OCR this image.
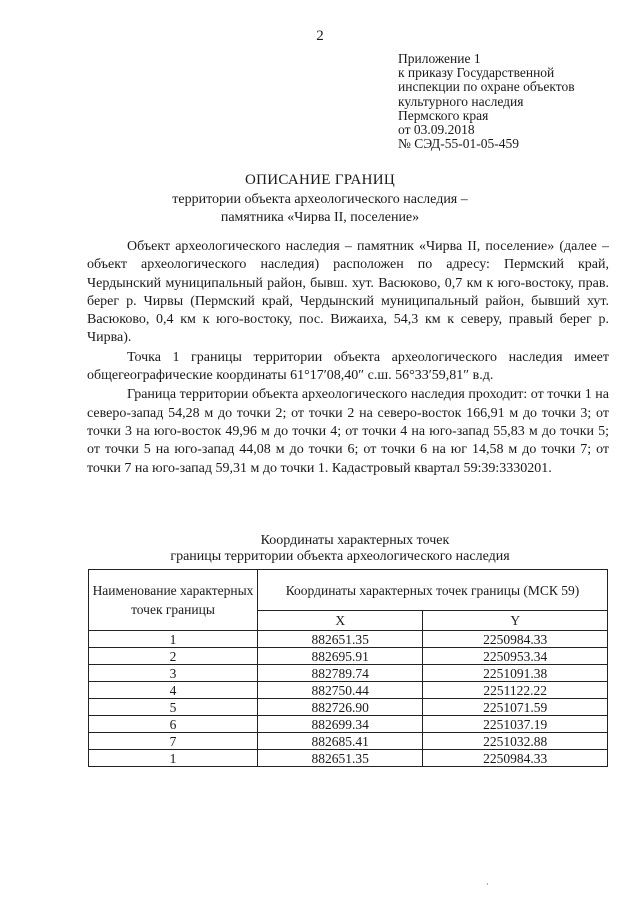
2
Приложение 1
к приказу Государственной
инспекции по охране объектов
культурного наследия
Пермского края
от 03.09.2018
№ СЭД-55-01-05-459
ОПИСАНИЕ ГРАНИЦ
территории объекта археологического наследия –
памятника «Чирва II, поселение»

Объект археологического наследия – памятник «Чирва II, поселение» (далее – объект археологического наследия) расположен по адресу: Пермский край, Чердынский муниципальный район, бывш. хут. Васюково, 0,7 км к юго-востоку, прав. берег р. Чирвы (Пермский край, Чердынский муниципальный район, бывший хут. Васюково, 0,4 км к юго-востоку, пос. Вижаиха, 54,3 км к северу, правый берег р. Чирва).

Точка 1 границы территории объекта археологического наследия имеет общегеографические координаты 61°17′08,40″ с.ш. 56°33′59,81″ в.д.

Граница территории объекта археологического наследия проходит: от точки 1 на северо-запад 54,28 м до точки 2; от точки 2 на северо-восток 166,91 м до точки 3; от точки 3 на юго-восток 49,96 м до точки 4; от точки 4 на юго-запад 55,83 м до точки 5; от точки 5 на юго-запад 44,08 м до точки 6; от точки 6 на юг 14,58 м до точки 7; от точки 7 на юго-запад 59,31 м до точки 1. Кадастровый квартал 59:39:3330201.

Координаты характерных точек
границы территории объекта археологического наследия
Наименование характерных точек границы	Координаты характерных точек границы (МСК 59)	
	X	Y
1	882651.35	2250984.33
2	882695.91	2250953.34
3	882789.74	2251091.38
4	882750.44	2251122.22
5	882726.90	2251071.59
6	882699.34	2251037.19
7	882685.41	2251032.88
1	882651.35	2250984.33
·
